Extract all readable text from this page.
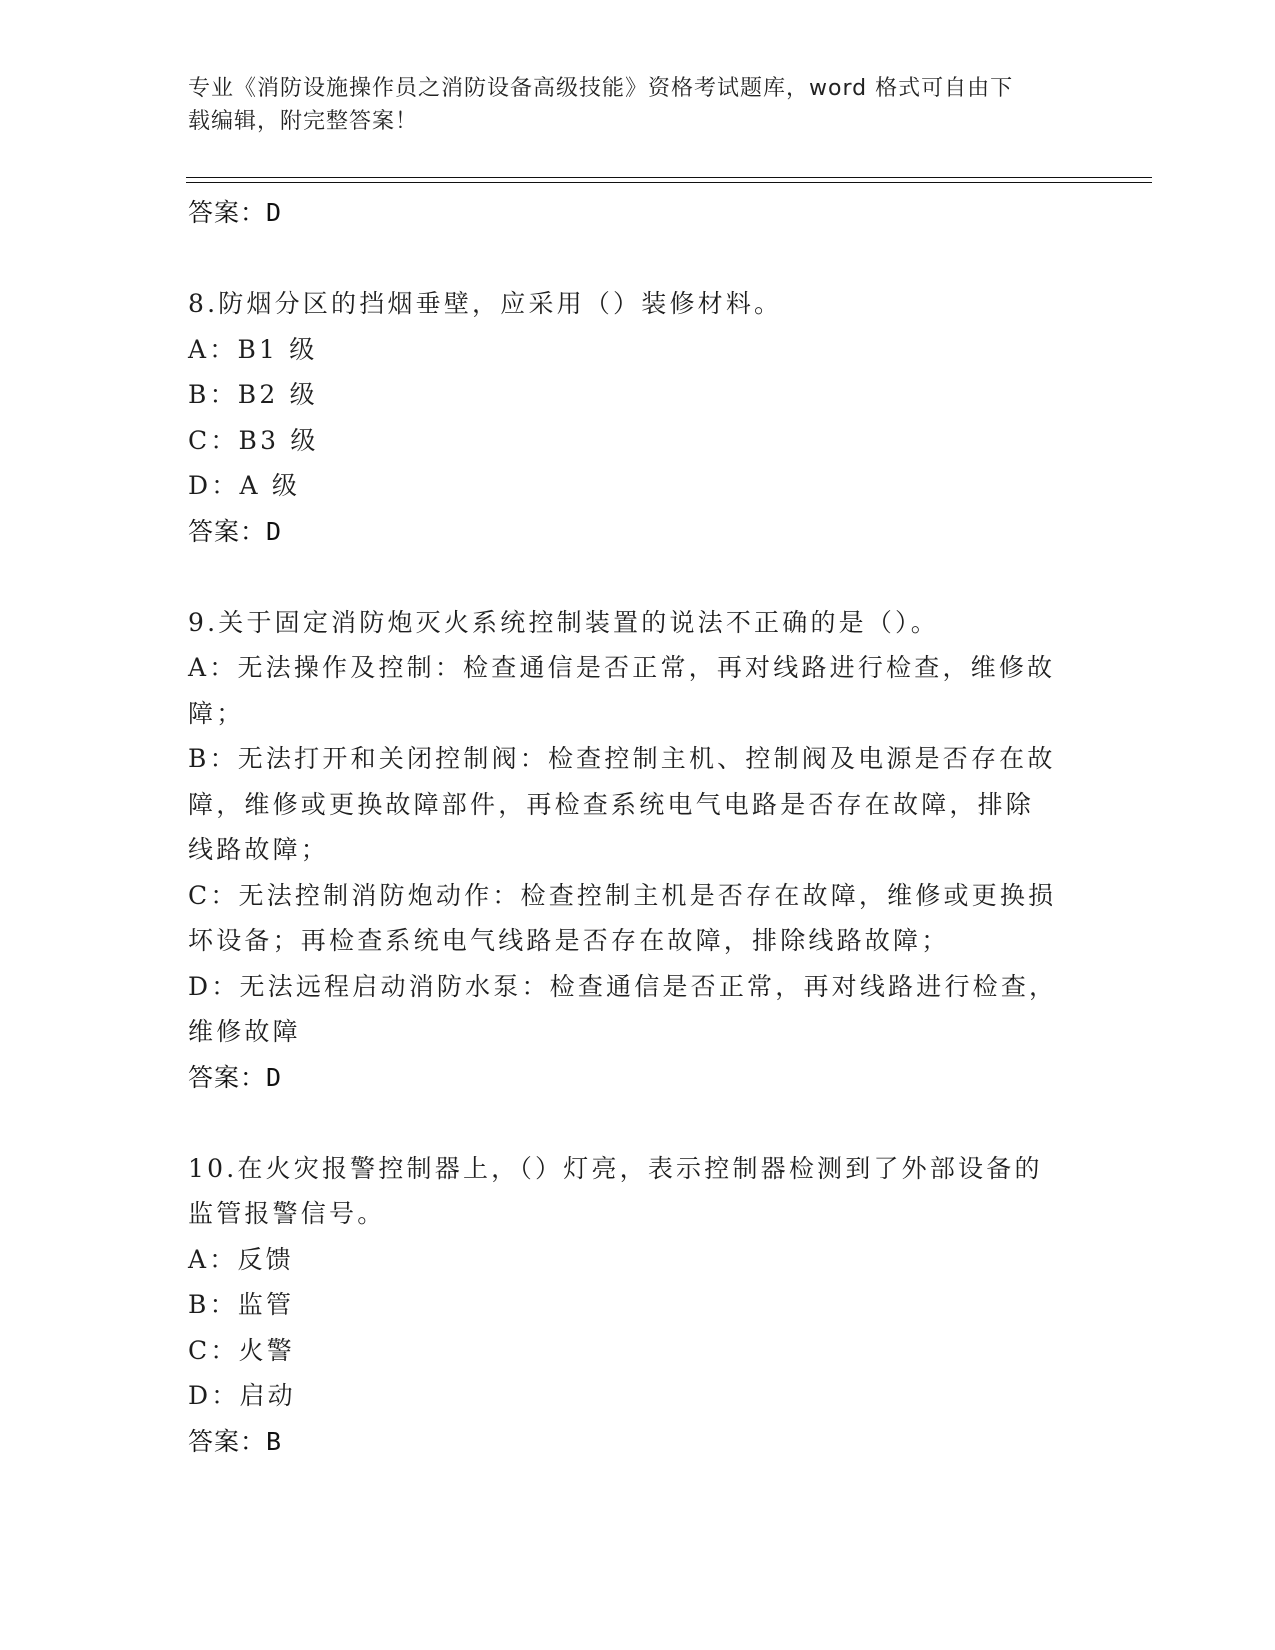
专业《消防设施操作员之消防设备高级技能》资格考试题库，word 格式可自由下
载编辑，附完整答案！
答案：D
8.防烟分区的挡烟垂壁，应采用（）装修材料。
A：B1 级
B：B2 级
C：B3 级
D：A 级
答案：D
9.关于固定消防炮灭火系统控制装置的说法不正确的是（）。
A：无法操作及控制：检查通信是否正常，再对线路进行检查，维修故
障；
B：无法打开和关闭控制阀：检查控制主机、控制阀及电源是否存在故
障，维修或更换故障部件，再检查系统电气电路是否存在故障，排除
线路故障；
C：无法控制消防炮动作：检查控制主机是否存在故障，维修或更换损
坏设备；再检查系统电气线路是否存在故障，排除线路故障；
D：无法远程启动消防水泵：检查通信是否正常，再对线路进行检查，
维修故障
答案：D
10.在火灾报警控制器上，（）灯亮，表示控制器检测到了外部设备的
监管报警信号。
A：反馈
B：监管
C：火警
D：启动
答案：B
